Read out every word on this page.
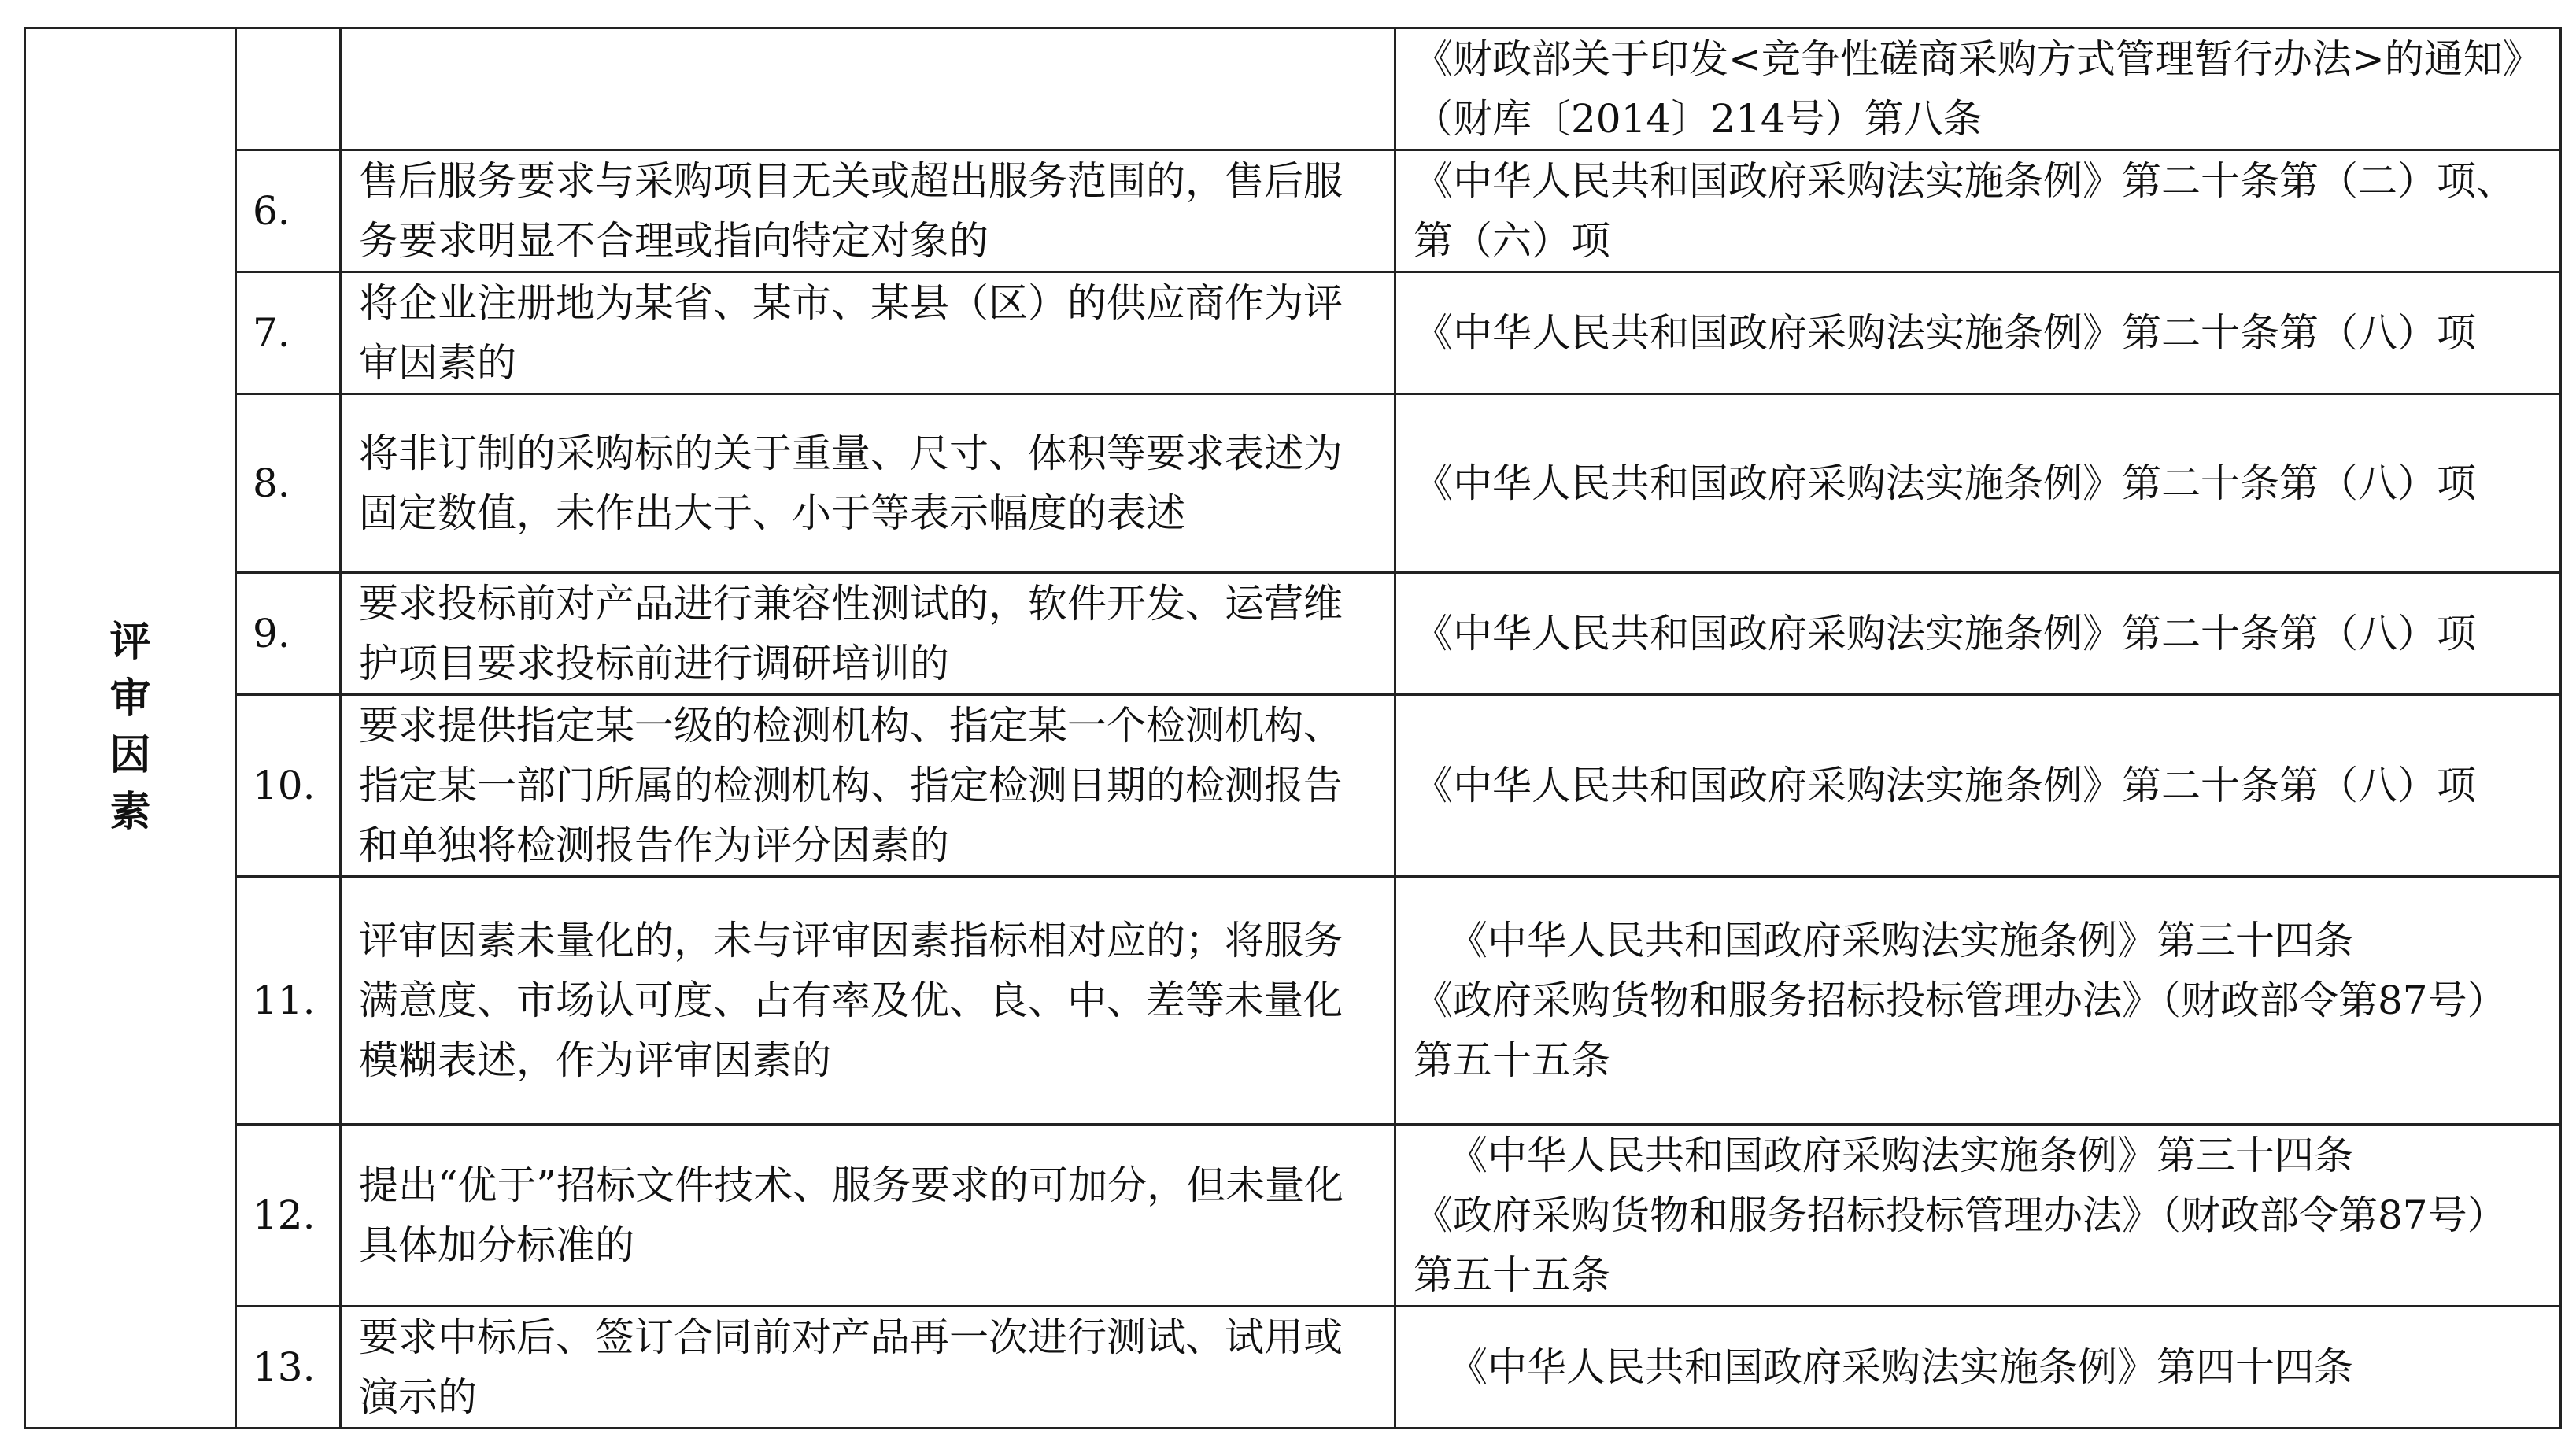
评审因素			《财政部关于印发<竞争性磋商采购方式管理暂行办法>的通知》（财库〔2014〕214号）第八条

	6.	售后服务要求与采购项目无关或超出服务范围的，售后服务要求明显不合理或指向特定对象的	《中华人民共和国政府采购法实施条例》第二十条第（二）项、第（六）项

	7.	将企业注册地为某省、某市、某县（区）的供应商作为评审因素的	《中华人民共和国政府采购法实施条例》第二十条第（八）项

	8.	将非订制的采购标的关于重量、尺寸、体积等要求表述为固定数值，未作出大于、小于等表示幅度的表述	《中华人民共和国政府采购法实施条例》第二十条第（八）项

	9.	要求投标前对产品进行兼容性测试的，软件开发、运营维护项目要求投标前进行调研培训的	《中华人民共和国政府采购法实施条例》第二十条第（八）项

	10.	要求提供指定某一级的检测机构、指定某一个检测机构、指定某一部门所属的检测机构、指定检测日期的检测报告和单独将检测报告作为评分因素的	《中华人民共和国政府采购法实施条例》第二十条第（八）项

	11.	评审因素未量化的，未与评审因素指标相对应的；将服务满意度、市场认可度、占有率及优、良、中、差等未量化模糊表述，作为评审因素的	《中华人民共和国政府采购法实施条例》第三十四条
《政府采购货物和服务招标投标管理办法》（财政部令第87号） 第五十五条

	12.	提出“优于”招标文件技术、服务要求的可加分，但未量化具体加分标准的	《中华人民共和国政府采购法实施条例》第三十四条
《政府采购货物和服务招标投标管理办法》（财政部令第87号） 第五十五条

	13.	要求中标后、签订合同前对产品再一次进行测试、试用或演示的	《中华人民共和国政府采购法实施条例》第四十四条
